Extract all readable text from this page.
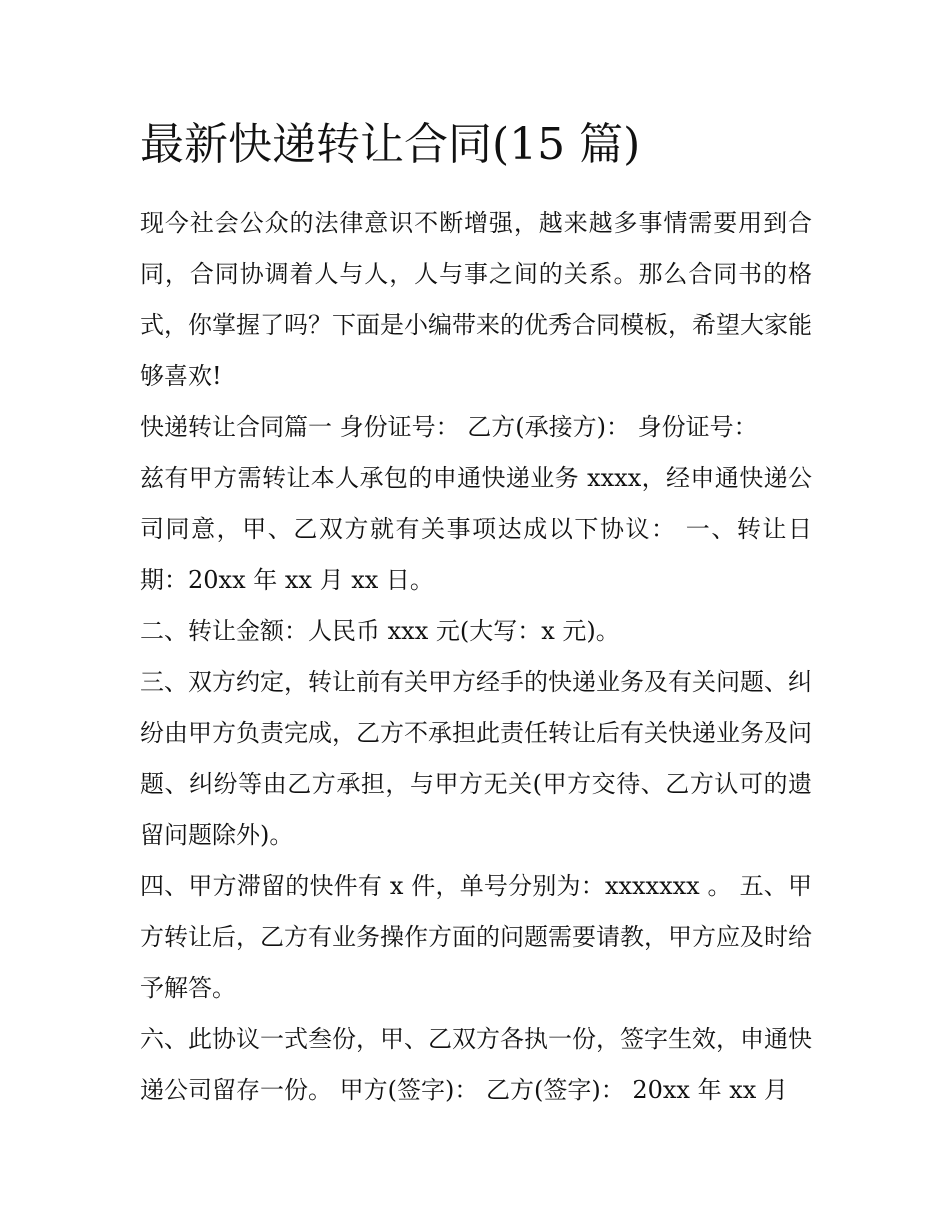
最新快递转让合同(15 篇)

现今社会公众的法律意识不断增强，越来越多事情需要用到合同，合同协调着人与人，人与事之间的关系。那么合同书的格式，你掌握了吗？下面是小编带来的优秀合同模板，希望大家能够喜欢!

快递转让合同篇一 身份证号： 乙方(承接方)： 身份证号：

兹有甲方需转让本人承包的申通快递业务 xxxx，经申通快递公司同意，甲、乙双方就有关事项达成以下协议： 一、转让日期：20xx 年 xx 月 xx 日。

二、转让金额：人民币 xxx 元(大写：x 元)。

三、双方约定，转让前有关甲方经手的快递业务及有关问题、纠纷由甲方负责完成，乙方不承担此责任转让后有关快递业务及问题、纠纷等由乙方承担，与甲方无关(甲方交待、乙方认可的遗留问题除外)。

四、甲方滞留的快件有 x 件，单号分别为：xxxxxxx 。 五、甲方转让后，乙方有业务操作方面的问题需要请教，甲方应及时给予解答。

六、此协议一式叁份，甲、乙双方各执一份，签字生效，申通快递公司留存一份。 甲方(签字)： 乙方(签字)： 20xx 年 xx 月
